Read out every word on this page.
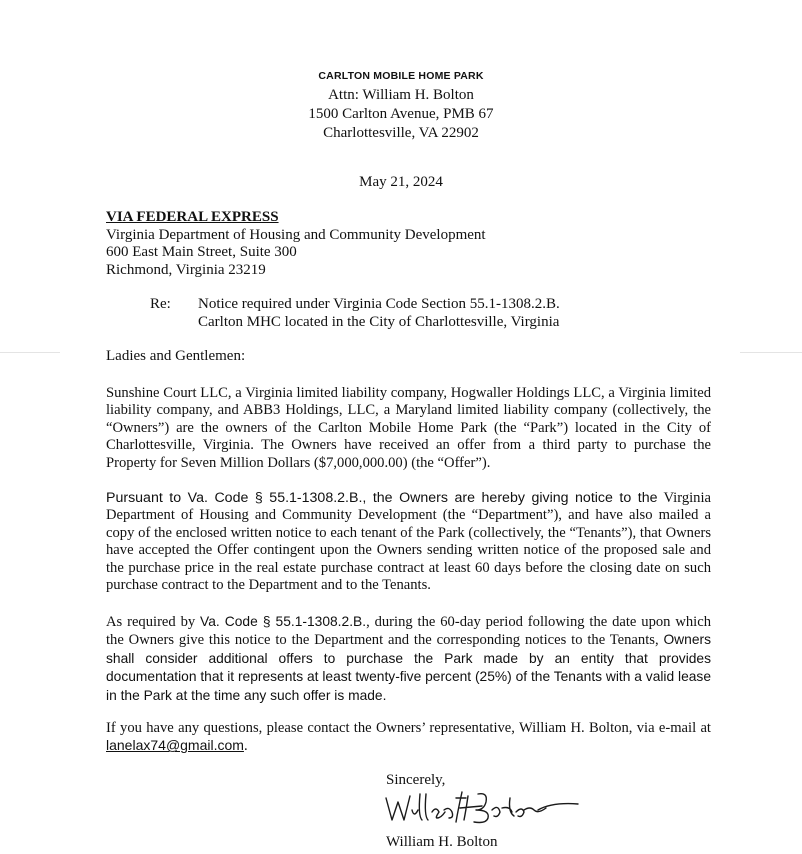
CARLTON MOBILE HOME PARK
Attn: William H. Bolton
1500 Carlton Avenue, PMB 67
Charlottesville, VA 22902
May 21, 2024
VIA FEDERAL EXPRESS
Virginia Department of Housing and Community Development
600 East Main Street, Suite 300
Richmond, Virginia 23219
Re: Notice required under Virginia Code Section 55.1-1308.2.B.
Carlton MHC located in the City of Charlottesville, Virginia
Ladies and Gentlemen:

Sunshine Court LLC, a Virginia limited liability company, Hogwaller Holdings LLC, a Virginia limited liability company, and ABB3 Holdings, LLC, a Maryland limited liability company (collectively, the “Owners”) are the owners of the Carlton Mobile Home Park (the “Park”) located in the City of Charlottesville, Virginia. The Owners have received an offer from a third party to purchase the Property for Seven Million Dollars ($7,000,000.00) (the “Offer”).

Pursuant to Va. Code § 55.1-1308.2.B., the Owners are hereby giving notice to the Virginia Department of Housing and Community Development (the “Department”), and have also mailed a copy of the enclosed written notice to each tenant of the Park (collectively, the “Tenants”), that Owners have accepted the Offer contingent upon the Owners sending written notice of the proposed sale and the purchase price in the real estate purchase contract at least 60 days before the closing date on such purchase contract to the Department and to the Tenants.

As required by Va. Code § 55.1-1308.2.B., during the 60-day period following the date upon which the Owners give this notice to the Department and the corresponding notices to the Tenants, Owners shall consider additional offers to purchase the Park made by an entity that provides documentation that it represents at least twenty-five percent (25%) of the Tenants with a valid lease in the Park at the time any such offer is made.

If you have any questions, please contact the Owners’ representative, William H. Bolton, via e-mail at lanelax74@gmail.com.

Sincerely,
William H. Bolton
